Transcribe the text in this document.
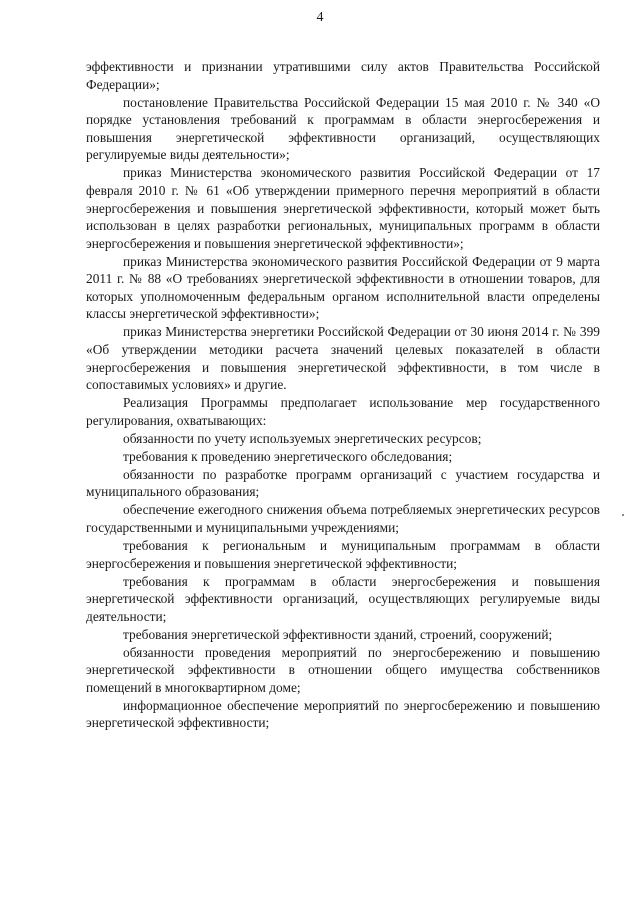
4

эффективности и признании утратившими силу актов Правительства Российской Федерации»;

постановление Правительства Российской Федерации 15 мая 2010 г. № 340 «О порядке установления требований к программам в области энергосбережения и повышения энергетической эффективности организаций, осуществляющих регулируемые виды деятельности»;

приказ Министерства экономического развития Российской Федерации от 17 февраля 2010 г. № 61 «Об утверждении примерного перечня мероприятий в области энергосбережения и повышения энергетической эффективности, который может быть использован в целях разработки региональных, муниципальных программ в области энергосбережения и повышения энергетической эффективности»;

приказ Министерства экономического развития Российской Федерации от 9 марта 2011 г. № 88 «О требованиях энергетической эффективности в отношении товаров, для которых уполномоченным федеральным органом исполнительной власти определены классы энергетической эффективности»;

приказ Министерства энергетики Российской Федерации от 30 июня 2014 г. № 399 «Об утверждении методики расчета значений целевых показателей в области энергосбережения и повышения энергетической эффективности, в том числе в сопоставимых условиях» и другие.

Реализация Программы предполагает использование мер государственного регулирования, охватывающих:

обязанности по учету используемых энергетических ресурсов;

требования к проведению энергетического обследования;

обязанности по разработке программ организаций с участием государства и муниципального образования;

обеспечение ежегодного снижения объема потребляемых энергетических ресурсов государственными и муниципальными учреждениями;

требования к региональным и муниципальным программам в области энергосбережения и повышения энергетической эффективности;

требования к программам в области энергосбережения и повышения энергетической эффективности организаций, осуществляющих регулируемые виды деятельности;

требования энергетической эффективности зданий, строений, сооружений;

обязанности проведения мероприятий по энергосбережению и повышению энергетической эффективности в отношении общего имущества собственников помещений в многоквартирном доме;

информационное обеспечение мероприятий по энергосбережению и повышению энергетической эффективности;
